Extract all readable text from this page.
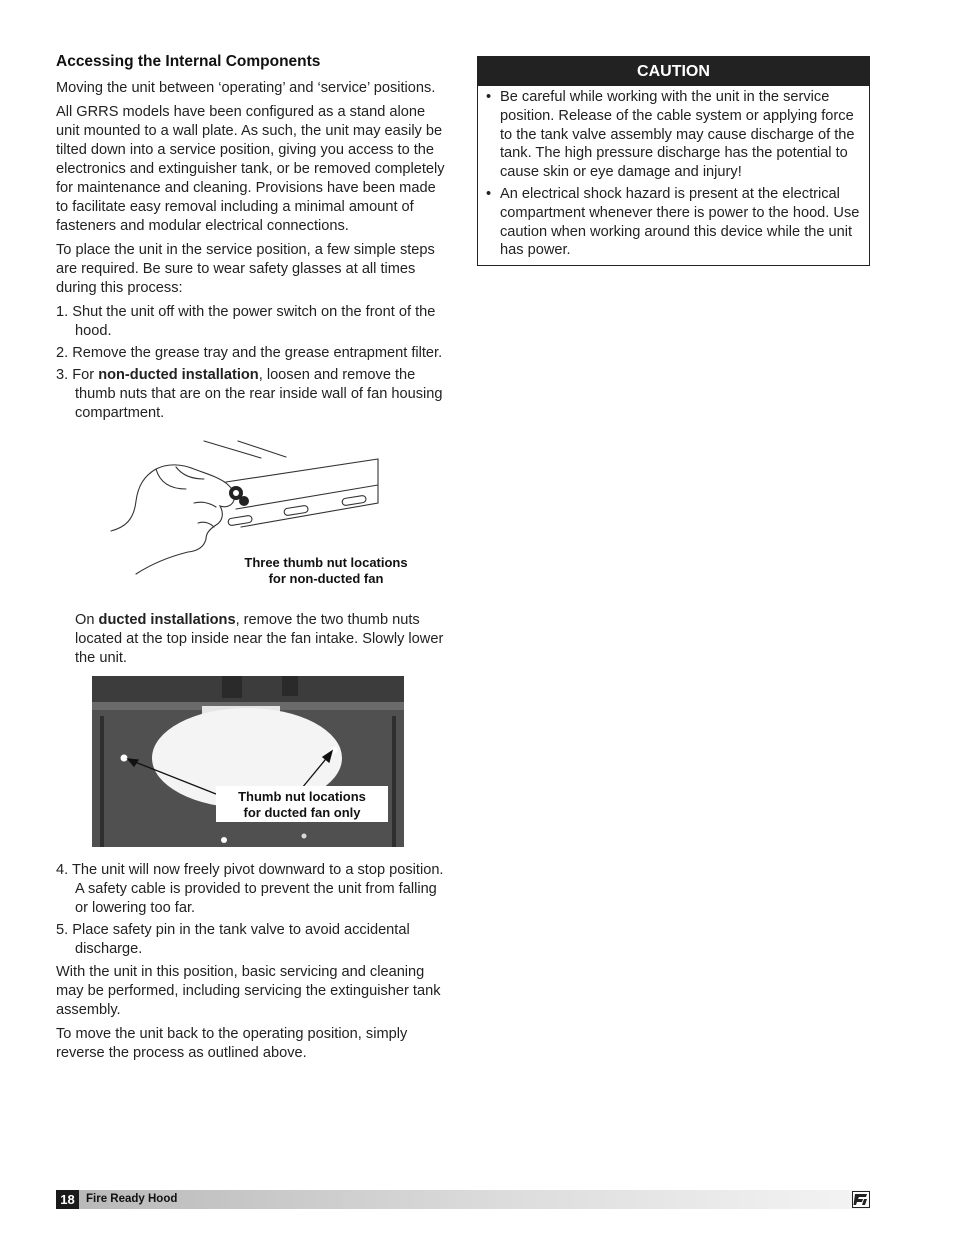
Accessing the Internal Components

Moving the unit between ‘operating’ and ‘service’ positions.

All GRRS models have been configured as a stand alone unit mounted to a wall plate. As such, the unit may easily be tilted down into a service position, giving you access to the electronics and extinguisher tank, or be removed completely for maintenance and cleaning. Provisions have been made to facilitate easy removal including a minimal amount of fasteners and modular electrical connections.

To place the unit in the service position, a few simple steps are required. Be sure to wear safety glasses at all times during this process:

1. Shut the unit off with the power switch on the front of the hood.
2. Remove the grease tray and the grease entrapment filter.
3. For non-ducted installation, loosen and remove the thumb nuts that are on the rear inside wall of fan housing compartment.
Three thumb nut locations
for non-ducted fan

On ducted installations, remove the two thumb nuts located at the top inside near the fan intake. Slowly lower the unit.

Thumb nut locations
for ducted fan only
4. The unit will now freely pivot downward to a stop position. A safety cable is provided to prevent the unit from falling or lowering too far.
5. Place safety pin in the tank valve to avoid accidental discharge.

With the unit in this position, basic servicing and cleaning may be performed, including servicing the extinguisher tank assembly.

To move the unit back to the operating position, simply reverse the process as outlined above.

CAUTION
• Be careful while working with the unit in the service position. Release of the cable system or applying force to the tank valve assembly may cause discharge of the tank. The high pressure discharge has the potential to cause skin or eye damage and injury!
• An electrical shock hazard is present at the electrical compartment whenever there is power to the hood. Use caution when working around this device while the unit has power.
18 Fire Ready Hood
